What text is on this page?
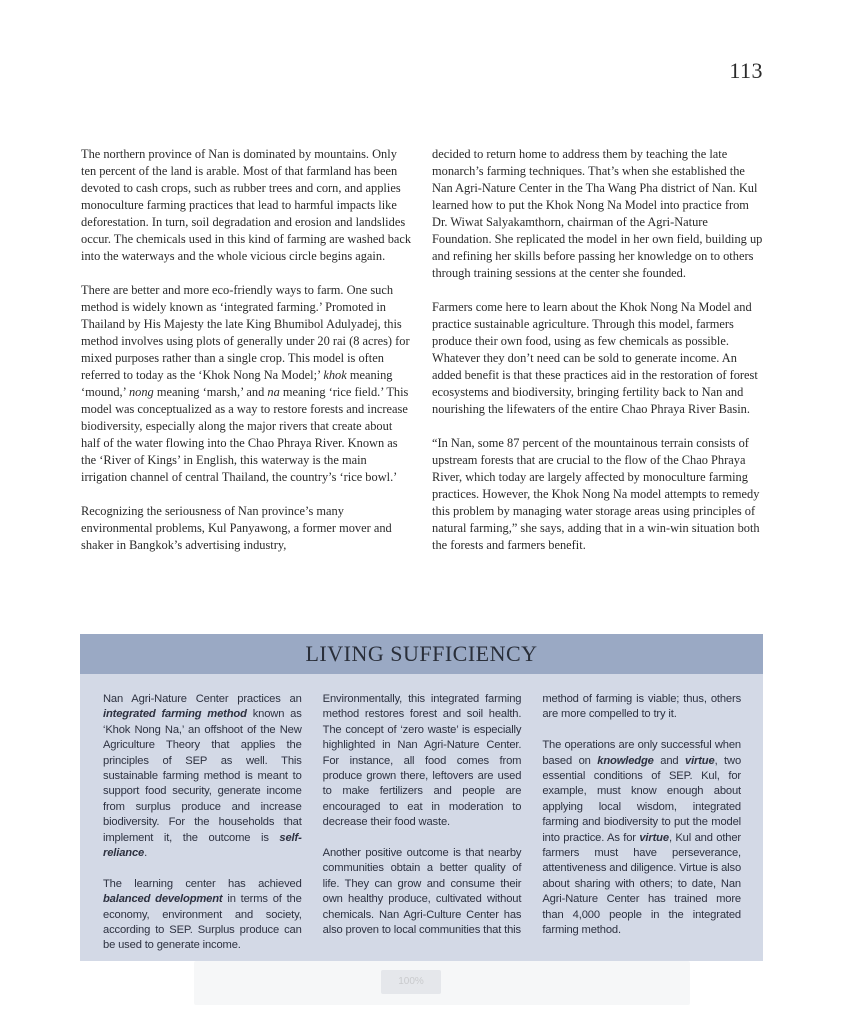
113

The northern province of Nan is dominated by mountains. Only ten percent of the land is arable. Most of that farmland has been devoted to cash crops, such as rubber trees and corn, and applies monoculture farming practices that lead to harmful impacts like deforestation. In turn, soil degradation and erosion and landslides occur. The chemicals used in this kind of farming are washed back into the waterways and the whole vicious circle begins again.

There are better and more eco-friendly ways to farm. One such method is widely known as ‘integrated farming.’ Promoted in Thailand by His Majesty the late King Bhumibol Adulyadej, this method involves using plots of generally under 20 rai (8 acres) for mixed purposes rather than a single crop. This model is often referred to today as the ‘Khok Nong Na Model;’ khok meaning ‘mound,’ nong meaning ‘marsh,’ and na meaning ‘rice field.’ This model was conceptualized as a way to restore forests and increase biodiversity, especially along the major rivers that create about half of the water flowing into the Chao Phraya River. Known as the ‘River of Kings’ in English, this waterway is the main irrigation channel of central Thailand, the country’s ‘rice bowl.’

Recognizing the seriousness of Nan province’s many environmental problems, Kul Panyawong, a former mover and shaker in Bangkok’s advertising industry,

decided to return home to address them by teaching the late monarch’s farming techniques. That’s when she established the Nan Agri-Nature Center in the Tha Wang Pha district of Nan. Kul learned how to put the Khok Nong Na Model into practice from Dr. Wiwat Salyakamthorn, chairman of the Agri-Nature Foundation. She replicated the model in her own field, building up and refining her skills before passing her knowledge on to others through training sessions at the center she founded.

Farmers come here to learn about the Khok Nong Na Model and practice sustainable agriculture. Through this model, farmers produce their own food, using as few chemicals as possible. Whatever they don’t need can be sold to generate income. An added benefit is that these practices aid in the restoration of forest ecosystems and biodiversity, bringing fertility back to Nan and nourishing the lifewaters of the entire Chao Phraya River Basin.

“In Nan, some 87 percent of the mountainous terrain consists of upstream forests that are crucial to the flow of the Chao Phraya River, which today are largely affected by monoculture farming practices. However, the Khok Nong Na model attempts to remedy this problem by managing water storage areas using principles of natural farming,” she says, adding that in a win-win situation both the forests and farmers benefit.

LIVING SUFFICIENCY

Nan Agri-Nature Center practices an integrated farming method known as ‘Khok Nong Na,’ an offshoot of the New Agriculture Theory that applies the principles of SEP as well. This sustainable farming method is meant to support food security, generate income from surplus produce and increase biodiversity. For the households that implement it, the outcome is self-reliance.

The learning center has achieved balanced development in terms of the economy, environment and society, according to SEP. Surplus produce can be used to generate income.

Environmentally, this integrated farming method restores forest and soil health. The concept of ‘zero waste’ is especially highlighted in Nan Agri-Nature Center. For instance, all food comes from produce grown there, leftovers are used to make fertilizers and people are encouraged to eat in moderation to decrease their food waste.

Another positive outcome is that nearby communities obtain a better quality of life. They can grow and consume their own healthy produce, cultivated without chemicals. Nan Agri-Culture Center has also proven to local communities that this

method of farming is viable; thus, others are more compelled to try it.

The operations are only successful when based on knowledge and virtue, two essential conditions of SEP. Kul, for example, must know enough about applying local wisdom, integrated farming and biodiversity to put the model into practice. As for virtue, Kul and other farmers must have perseverance, attentiveness and diligence. Virtue is also about sharing with others; to date, Nan Agri-Nature Center has trained more than 4,000 people in the integrated farming method.

100%
